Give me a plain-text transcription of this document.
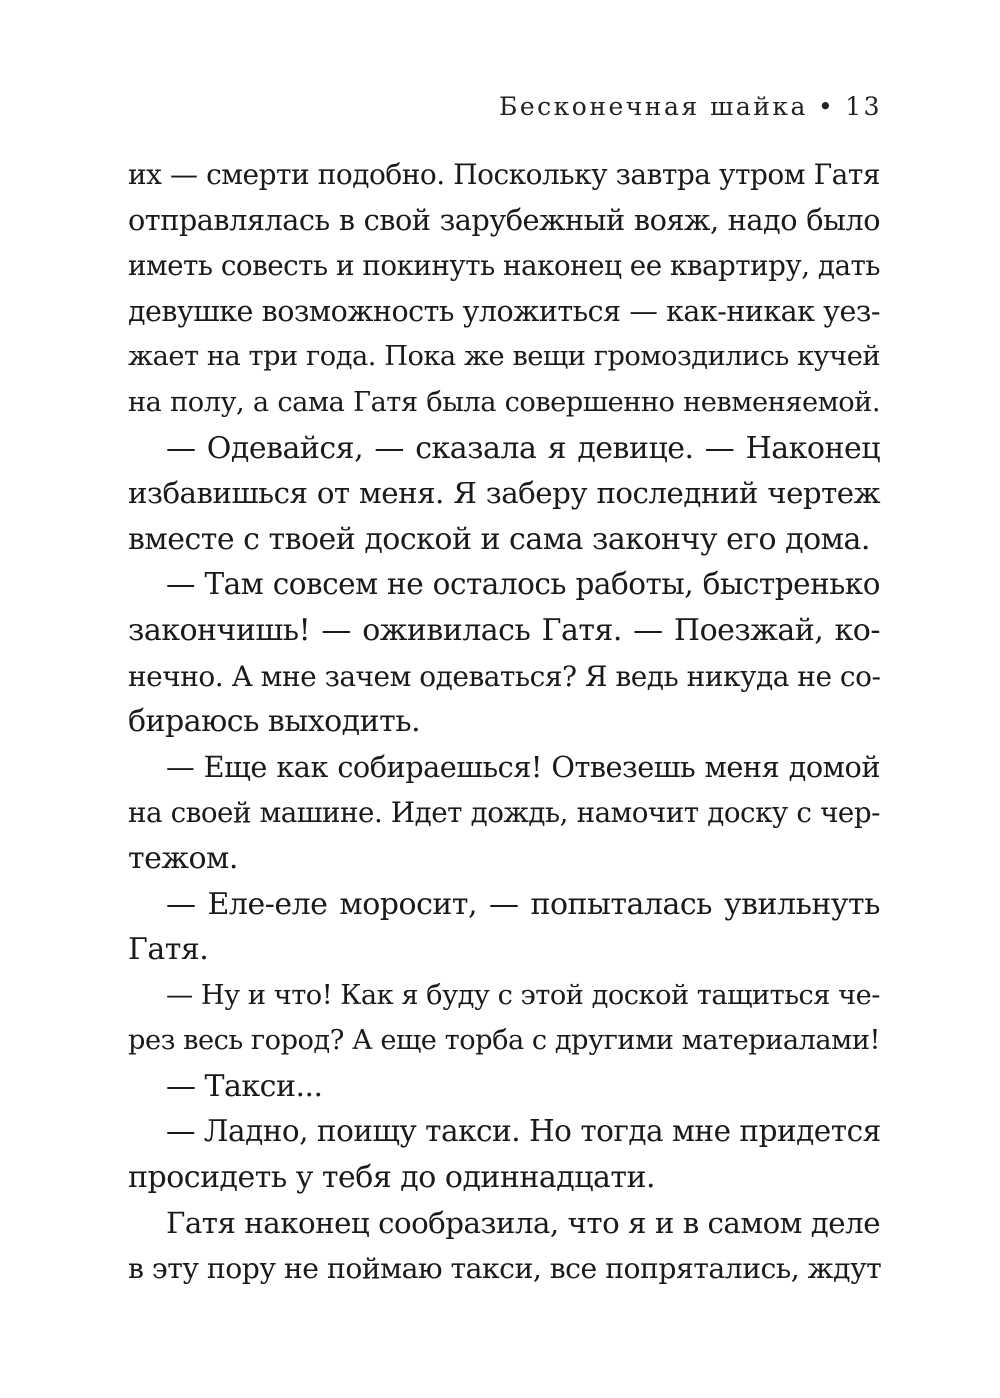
Бесконечная шайка • 13
их — смерти подобно. Поскольку завтра утром Гатя
отправлялась в свой зарубежный вояж, надо было
иметь совесть и покинуть наконец ее квартиру, дать
девушке возможность уложиться — как-никак уез-
жает на три года. Пока же вещи громоздились кучей
на полу, а сама Гатя была совершенно невменяемой.
— Одевайся, — сказала я девице. — Наконец
избавишься от меня. Я заберу последний чертеж
вместе с твоей доской и сама закончу его дома.
— Там совсем не осталось работы, быстренько
закончишь! — оживилась Гатя. — Поезжай, ко-
нечно. А мне зачем одеваться? Я ведь никуда не со-
бираюсь выходить.
— Еще как собираешься! Отвезешь меня домой
на своей машине. Идет дождь, намочит доску с чер-
тежом.
— Еле-еле моросит, — попыталась увильнуть
Гатя.
— Ну и что! Как я буду с этой доской тащиться че-
рез весь город? А еще торба с другими материалами!
— Такси...
— Ладно, поищу такси. Но тогда мне придется
просидеть у тебя до одиннадцати.
Гатя наконец сообразила, что я и в самом деле
в эту пору не поймаю такси, все попрятались, ждут
